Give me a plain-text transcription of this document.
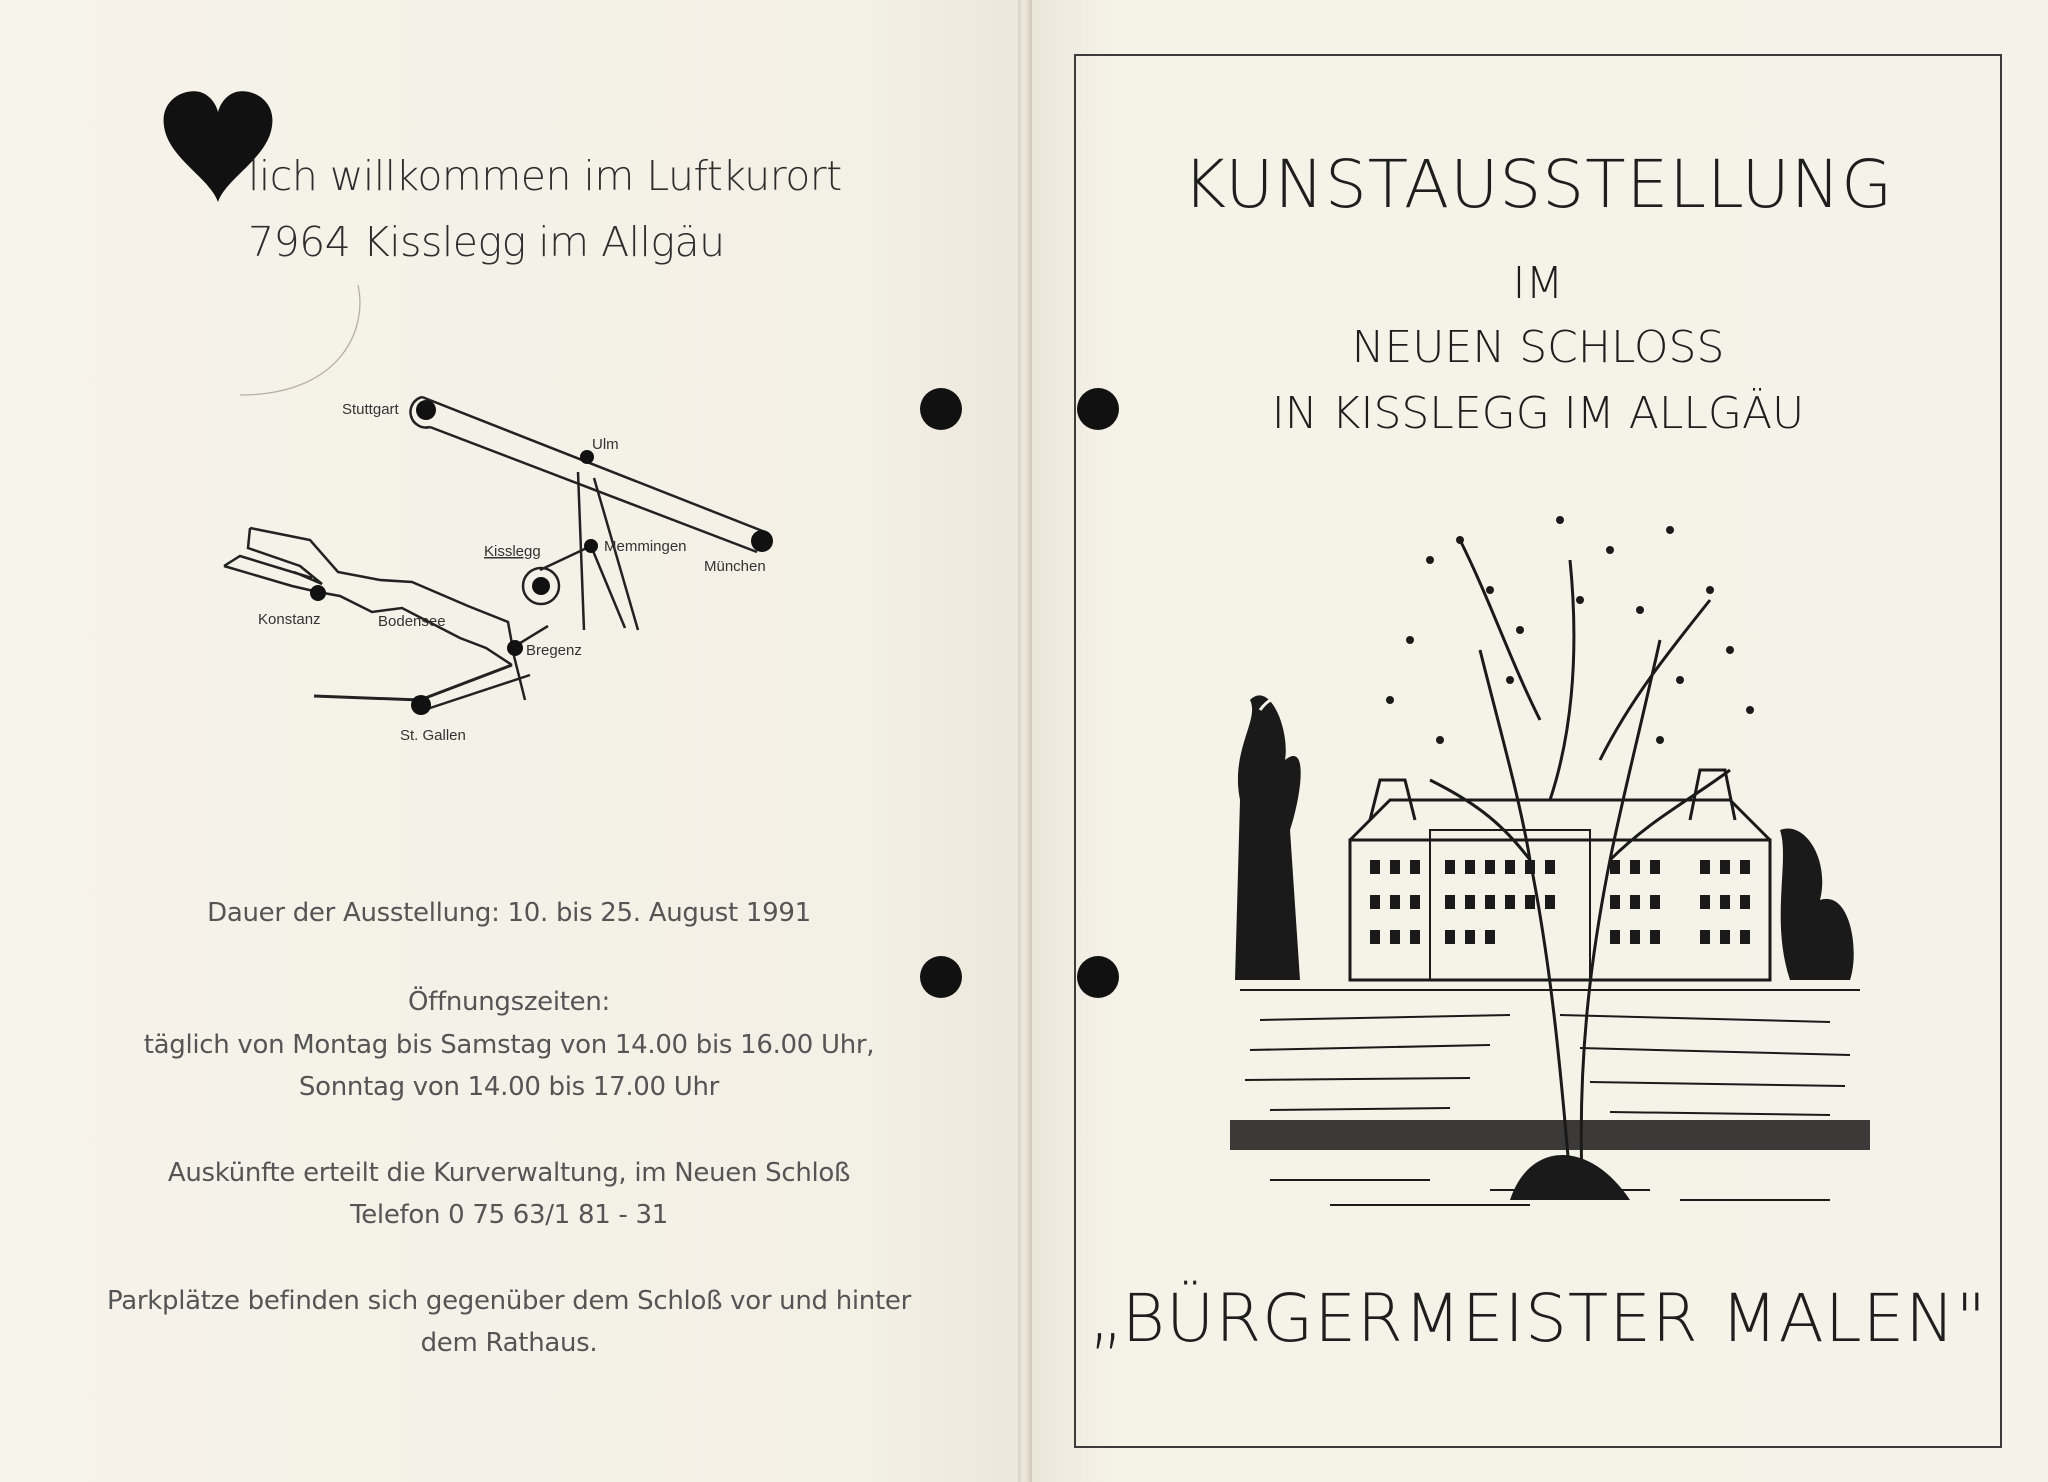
lich willkommen im Luftkurort
7964 Kisslegg im Allgäu
Stuttgart
Ulm
Memmingen
München
Kisslegg
Konstanz	Bodensee
Bregenz
St. Gallen
Dauer der Ausstellung: 10. bis 25. August 1991
Öffnungszeiten:
täglich von Montag bis Samstag von 14.00 bis 16.00 Uhr,
Sonntag von 14.00 bis 17.00 Uhr
Auskünfte erteilt die Kurverwaltung, im Neuen Schloß
Telefon 0 75 63/1 81 - 31
Parkplätze befinden sich gegenüber dem Schloß vor und hinter
dem Rathaus.
KUNSTAUSSTELLUNG
IM
NEUEN SCHLOSS
IN KISSLEGG IM ALLGÄU
„BÜRGERMEISTER MALEN"
